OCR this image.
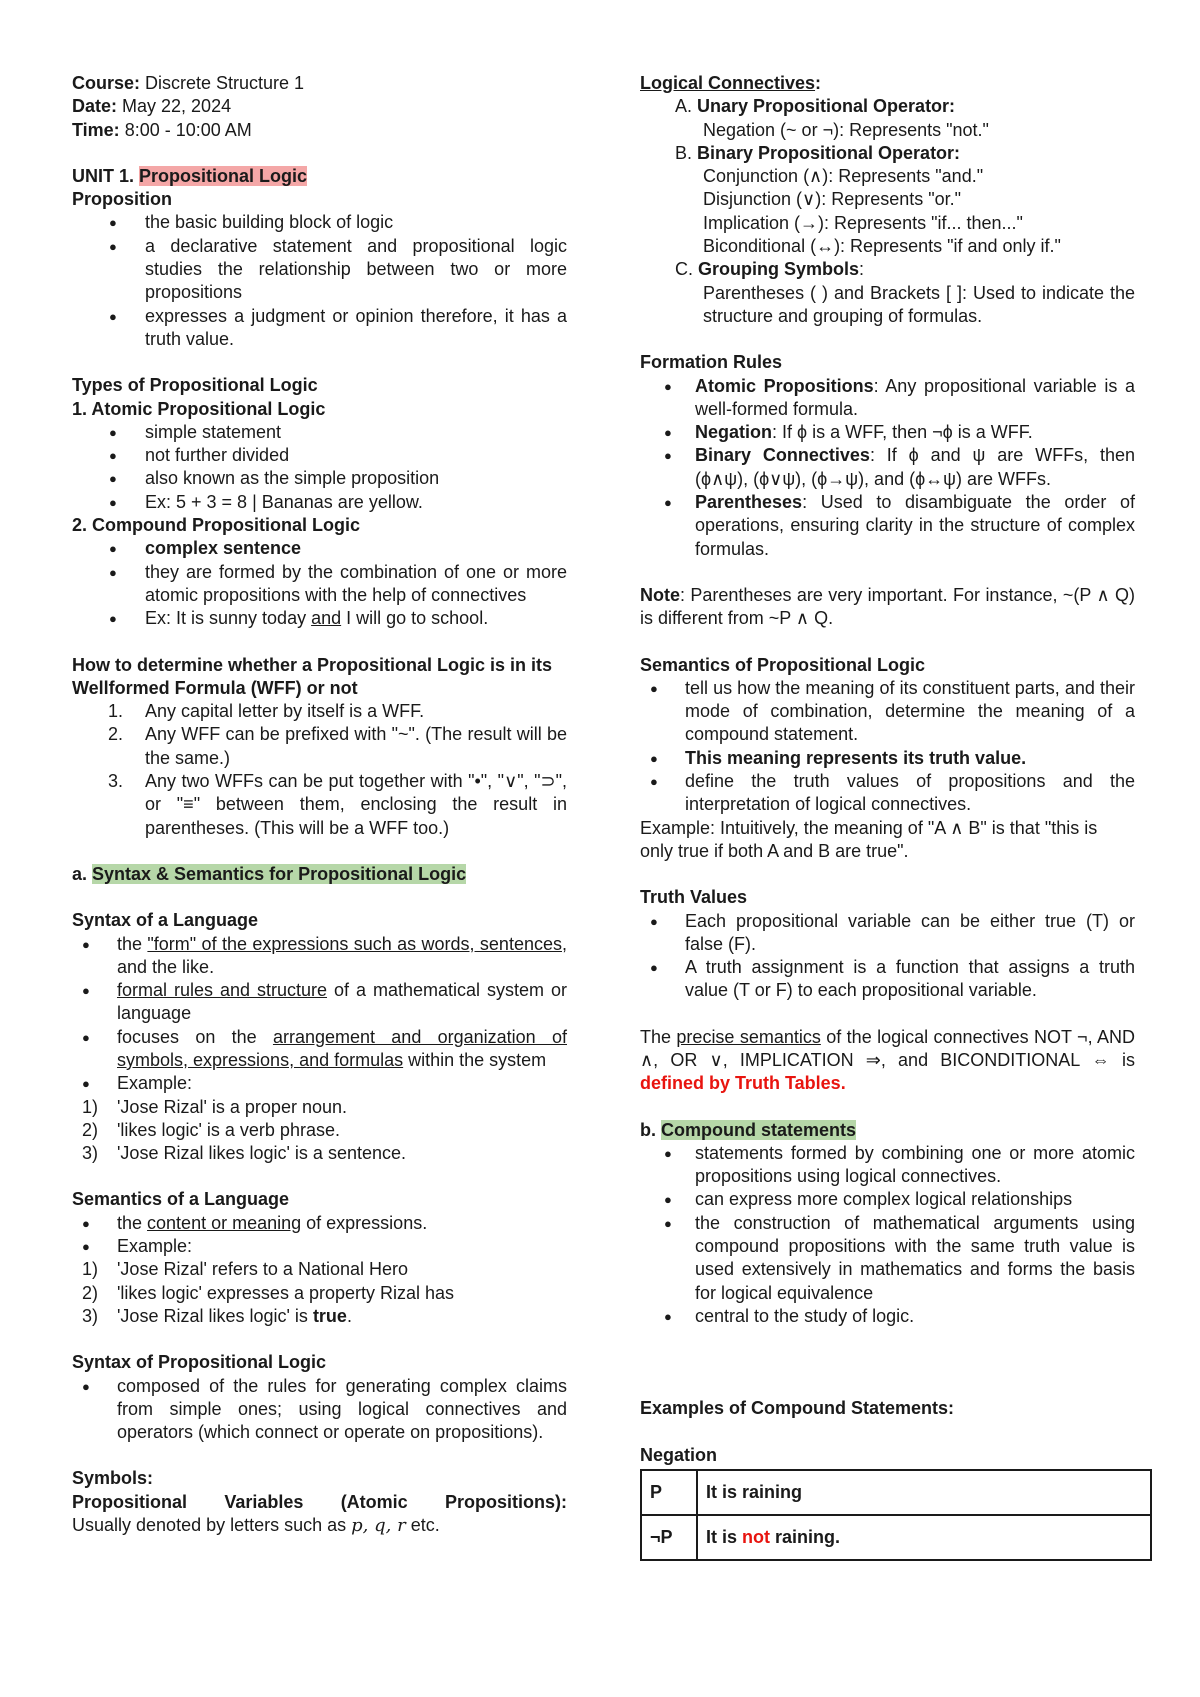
Course: Discrete Structure 1

Date: May 22, 2024

Time: 8:00 - 10:00 AM

UNIT 1. Propositional Logic

Proposition

● the basic building block of logic
● a declarative statement and propositional logic studies the relationship between two or more propositions
● expresses a judgment or opinion therefore, it has a truth value.

Types of Propositional Logic

1. Atomic Propositional Logic

● simple statement
● not further divided
● also known as the simple proposition
● Ex: 5 + 3 = 8 | Bananas are yellow.

2. Compound Propositional Logic

● complex sentence
● they are formed by the combination of one or more atomic propositions with the help of connectives
● Ex: It is sunny today and I will go to school.

How to determine whether a Propositional Logic is in its Wellformed Formula (WFF) or not

1. Any capital letter by itself is a WFF.
2. Any WFF can be prefixed with "~". (The result will be the same.)
3. Any two WFFs can be put together with "•", "∨", "⊃", or "≡" between them, enclosing the result in parentheses. (This will be a WFF too.)

a. Syntax & Semantics for Propositional Logic

Syntax of a Language

● the "form" of the expressions such as words, sentences, and the like.
● formal rules and structure of a mathematical system or language
● focuses on the arrangement and organization of symbols, expressions, and formulas within the system
● Example:
1) 'Jose Rizal' is a proper noun.
2) 'likes logic' is a verb phrase.
3) 'Jose Rizal likes logic' is a sentence.

Semantics of a Language

● the content or meaning of expressions.
● Example:
1) 'Jose Rizal' refers to a National Hero
2) 'likes logic' expresses a property Rizal has
3) 'Jose Rizal likes logic' is true.

Syntax of Propositional Logic

● composed of the rules for generating complex claims from simple ones; using logical connectives and operators (which connect or operate on propositions).

Symbols:

Propositional Variables (Atomic Propositions):

Usually denoted by letters such as p, q, r etc.

Logical Connectives:

A. Unary Propositional Operator:

Negation (~ or ¬): Represents "not."

B. Binary Propositional Operator:

Conjunction (∧): Represents "and."

Disjunction (∨): Represents "or."

Implication (→): Represents "if... then..."

Biconditional (↔): Represents "if and only if."

C. Grouping Symbols:

Parentheses ( ) and Brackets [ ]: Used to indicate the structure and grouping of formulas.

Formation Rules

● Atomic Propositions: Any propositional variable is a well-formed formula.
● Negation: If ϕ is a WFF, then ¬ϕ is a WFF.
● Binary Connectives: If ϕ and ψ are WFFs, then (ϕ∧ψ), (ϕ∨ψ), (ϕ→ψ), and (ϕ↔ψ) are WFFs.
● Parentheses: Used to disambiguate the order of operations, ensuring clarity in the structure of complex formulas.

Note: Parentheses are very important. For instance, ~(P ∧ Q) is different from ~P ∧ Q.

Semantics of Propositional Logic

● tell us how the meaning of its constituent parts, and their mode of combination, determine the meaning of a compound statement.
● This meaning represents its truth value.
● define the truth values of propositions and the interpretation of logical connectives.

Example: Intuitively, the meaning of "A ∧ B" is that "this is only true if both A and B are true".

Truth Values

● Each propositional variable can be either true (T) or false (F).
● A truth assignment is a function that assigns a truth value (T or F) to each propositional variable.

The precise semantics of the logical connectives NOT ¬, AND ∧, OR ∨, IMPLICATION ⇒, and BICONDITIONAL ⇔ is defined by Truth Tables.

b. Compound statements

● statements formed by combining one or more atomic propositions using logical connectives.
● can express more complex logical relationships
● the construction of mathematical arguments using compound propositions with the same truth value is used extensively in mathematics and forms the basis for logical equivalence
● central to the study of logic.

Examples of Compound Statements:

Negation

P	It is raining
¬P	It is not raining.
